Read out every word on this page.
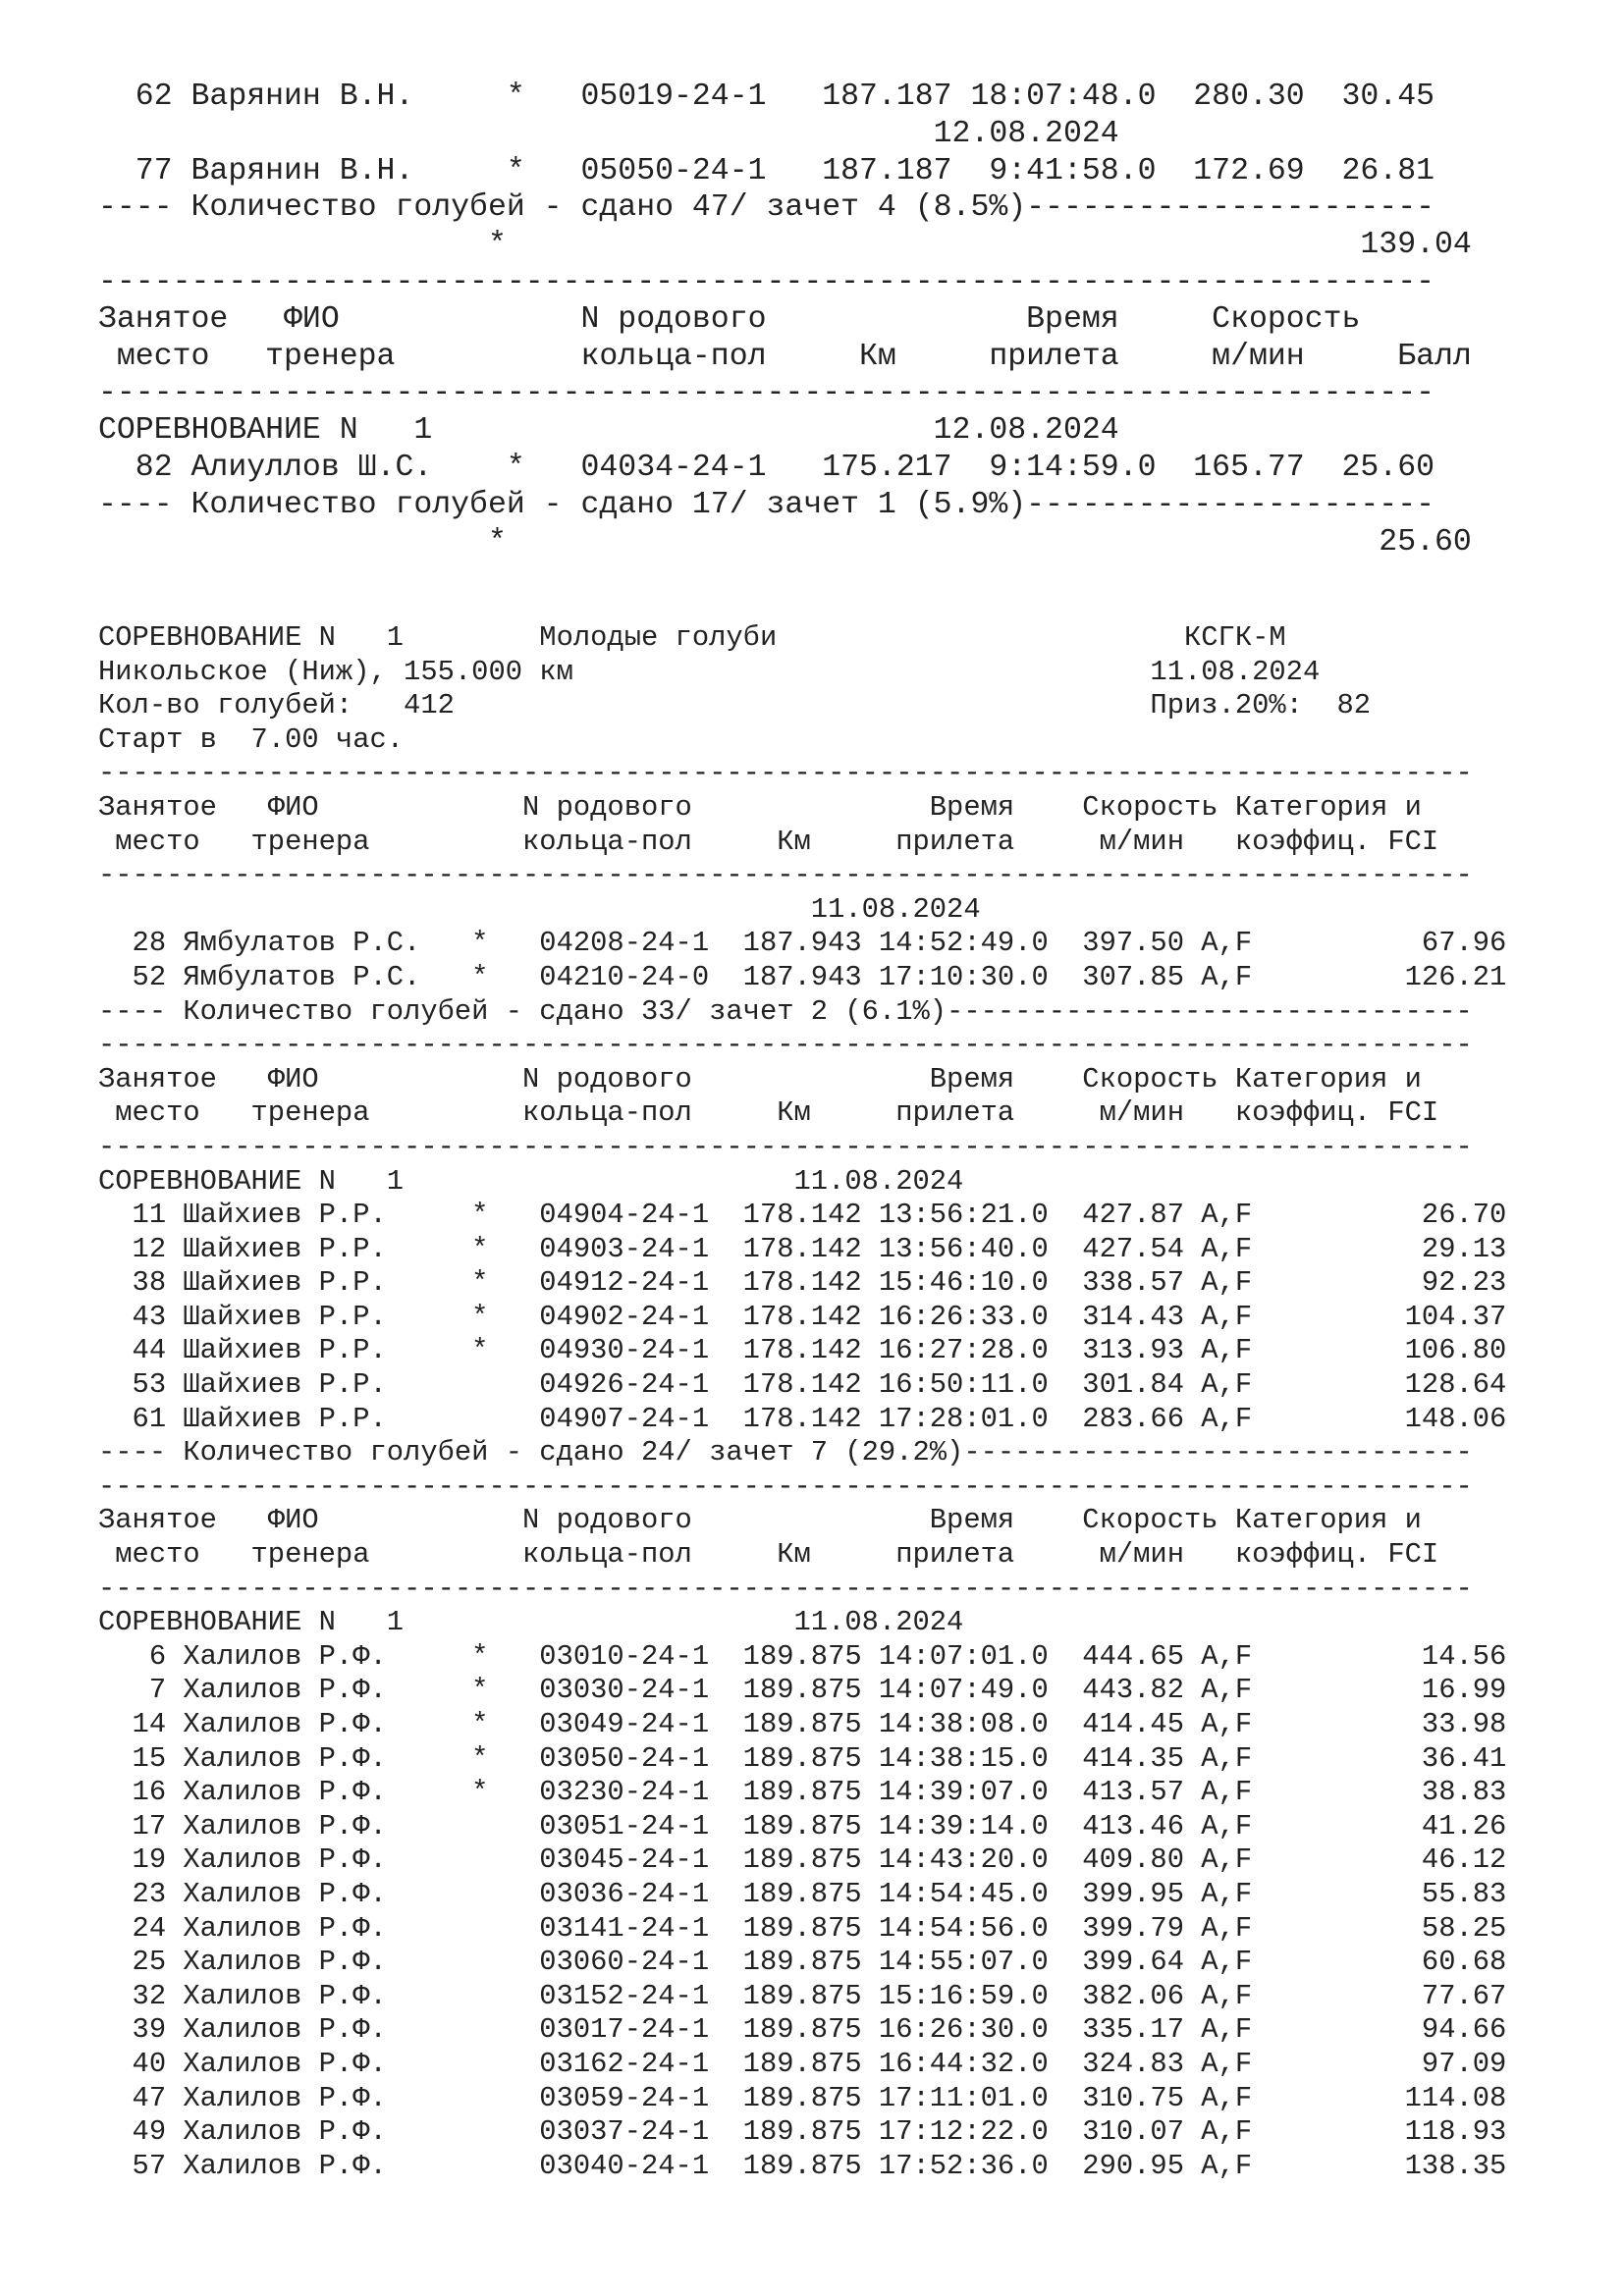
62 Варянин В.Н.     *   05019-24-1   187.187 18:07:48.0  280.30  30.45
12.08.2024
77 Варянин В.Н.     *   05050-24-1   187.187  9:41:58.0  172.69  26.81
---- Количество голубей - сдано 47/ зачет 4 (8.5%)----------------------
*                                              139.04
------------------------------------------------------------------------
Занятое   ФИО             N родового              Время     Скорость
место   тренера          кольца-пол     Км     прилета     м/мин     Балл
------------------------------------------------------------------------
СОРЕВНОВАНИЕ N   1                           12.08.2024
82 Алиуллов Ш.С.    *   04034-24-1   175.217  9:14:59.0  165.77  25.60
---- Количество голубей - сдано 17/ зачет 1 (5.9%)----------------------
*                                               25.60
СОРЕВНОВАНИЕ N   1        Молодые голуби                        КСГК-М
Никольское (Ниж), 155.000 км                                  11.08.2024
Кол-во голубей:   412                                         Приз.20%:  82
Старт в  7.00 час.
---------------------------------------------------------------------------------
Занятое   ФИО            N родового              Время    Скорость Категория и
место   тренера         кольца-пол     Км     прилета     м/мин   коэффиц. FCI
---------------------------------------------------------------------------------
11.08.2024
28 Ямбулатов Р.С.   *   04208-24-1  187.943 14:52:49.0  397.50 A,F          67.96
52 Ямбулатов Р.С.   *   04210-24-0  187.943 17:10:30.0  307.85 A,F         126.21
---- Количество голубей - сдано 33/ зачет 2 (6.1%)-------------------------------
---------------------------------------------------------------------------------
Занятое   ФИО            N родового              Время    Скорость Категория и
место   тренера         кольца-пол     Км     прилета     м/мин   коэффиц. FCI
---------------------------------------------------------------------------------
СОРЕВНОВАНИЕ N   1                       11.08.2024
11 Шайхиев Р.Р.     *   04904-24-1  178.142 13:56:21.0  427.87 A,F          26.70
12 Шайхиев Р.Р.     *   04903-24-1  178.142 13:56:40.0  427.54 A,F          29.13
38 Шайхиев Р.Р.     *   04912-24-1  178.142 15:46:10.0  338.57 A,F          92.23
43 Шайхиев Р.Р.     *   04902-24-1  178.142 16:26:33.0  314.43 A,F         104.37
44 Шайхиев Р.Р.     *   04930-24-1  178.142 16:27:28.0  313.93 A,F         106.80
53 Шайхиев Р.Р.         04926-24-1  178.142 16:50:11.0  301.84 A,F         128.64
61 Шайхиев Р.Р.         04907-24-1  178.142 17:28:01.0  283.66 A,F         148.06
---- Количество голубей - сдано 24/ зачет 7 (29.2%)------------------------------
---------------------------------------------------------------------------------
Занятое   ФИО            N родового              Время    Скорость Категория и
место   тренера         кольца-пол     Км     прилета     м/мин   коэффиц. FCI
---------------------------------------------------------------------------------
СОРЕВНОВАНИЕ N   1                       11.08.2024
6 Халилов Р.Ф.     *   03010-24-1  189.875 14:07:01.0  444.65 A,F          14.56
7 Халилов Р.Ф.     *   03030-24-1  189.875 14:07:49.0  443.82 A,F          16.99
14 Халилов Р.Ф.     *   03049-24-1  189.875 14:38:08.0  414.45 A,F          33.98
15 Халилов Р.Ф.     *   03050-24-1  189.875 14:38:15.0  414.35 A,F          36.41
16 Халилов Р.Ф.     *   03230-24-1  189.875 14:39:07.0  413.57 A,F          38.83
17 Халилов Р.Ф.         03051-24-1  189.875 14:39:14.0  413.46 A,F          41.26
19 Халилов Р.Ф.         03045-24-1  189.875 14:43:20.0  409.80 A,F          46.12
23 Халилов Р.Ф.         03036-24-1  189.875 14:54:45.0  399.95 A,F          55.83
24 Халилов Р.Ф.         03141-24-1  189.875 14:54:56.0  399.79 A,F          58.25
25 Халилов Р.Ф.         03060-24-1  189.875 14:55:07.0  399.64 A,F          60.68
32 Халилов Р.Ф.         03152-24-1  189.875 15:16:59.0  382.06 A,F          77.67
39 Халилов Р.Ф.         03017-24-1  189.875 16:26:30.0  335.17 A,F          94.66
40 Халилов Р.Ф.         03162-24-1  189.875 16:44:32.0  324.83 A,F          97.09
47 Халилов Р.Ф.         03059-24-1  189.875 17:11:01.0  310.75 A,F         114.08
49 Халилов Р.Ф.         03037-24-1  189.875 17:12:22.0  310.07 A,F         118.93
57 Халилов Р.Ф.         03040-24-1  189.875 17:52:36.0  290.95 A,F         138.35
